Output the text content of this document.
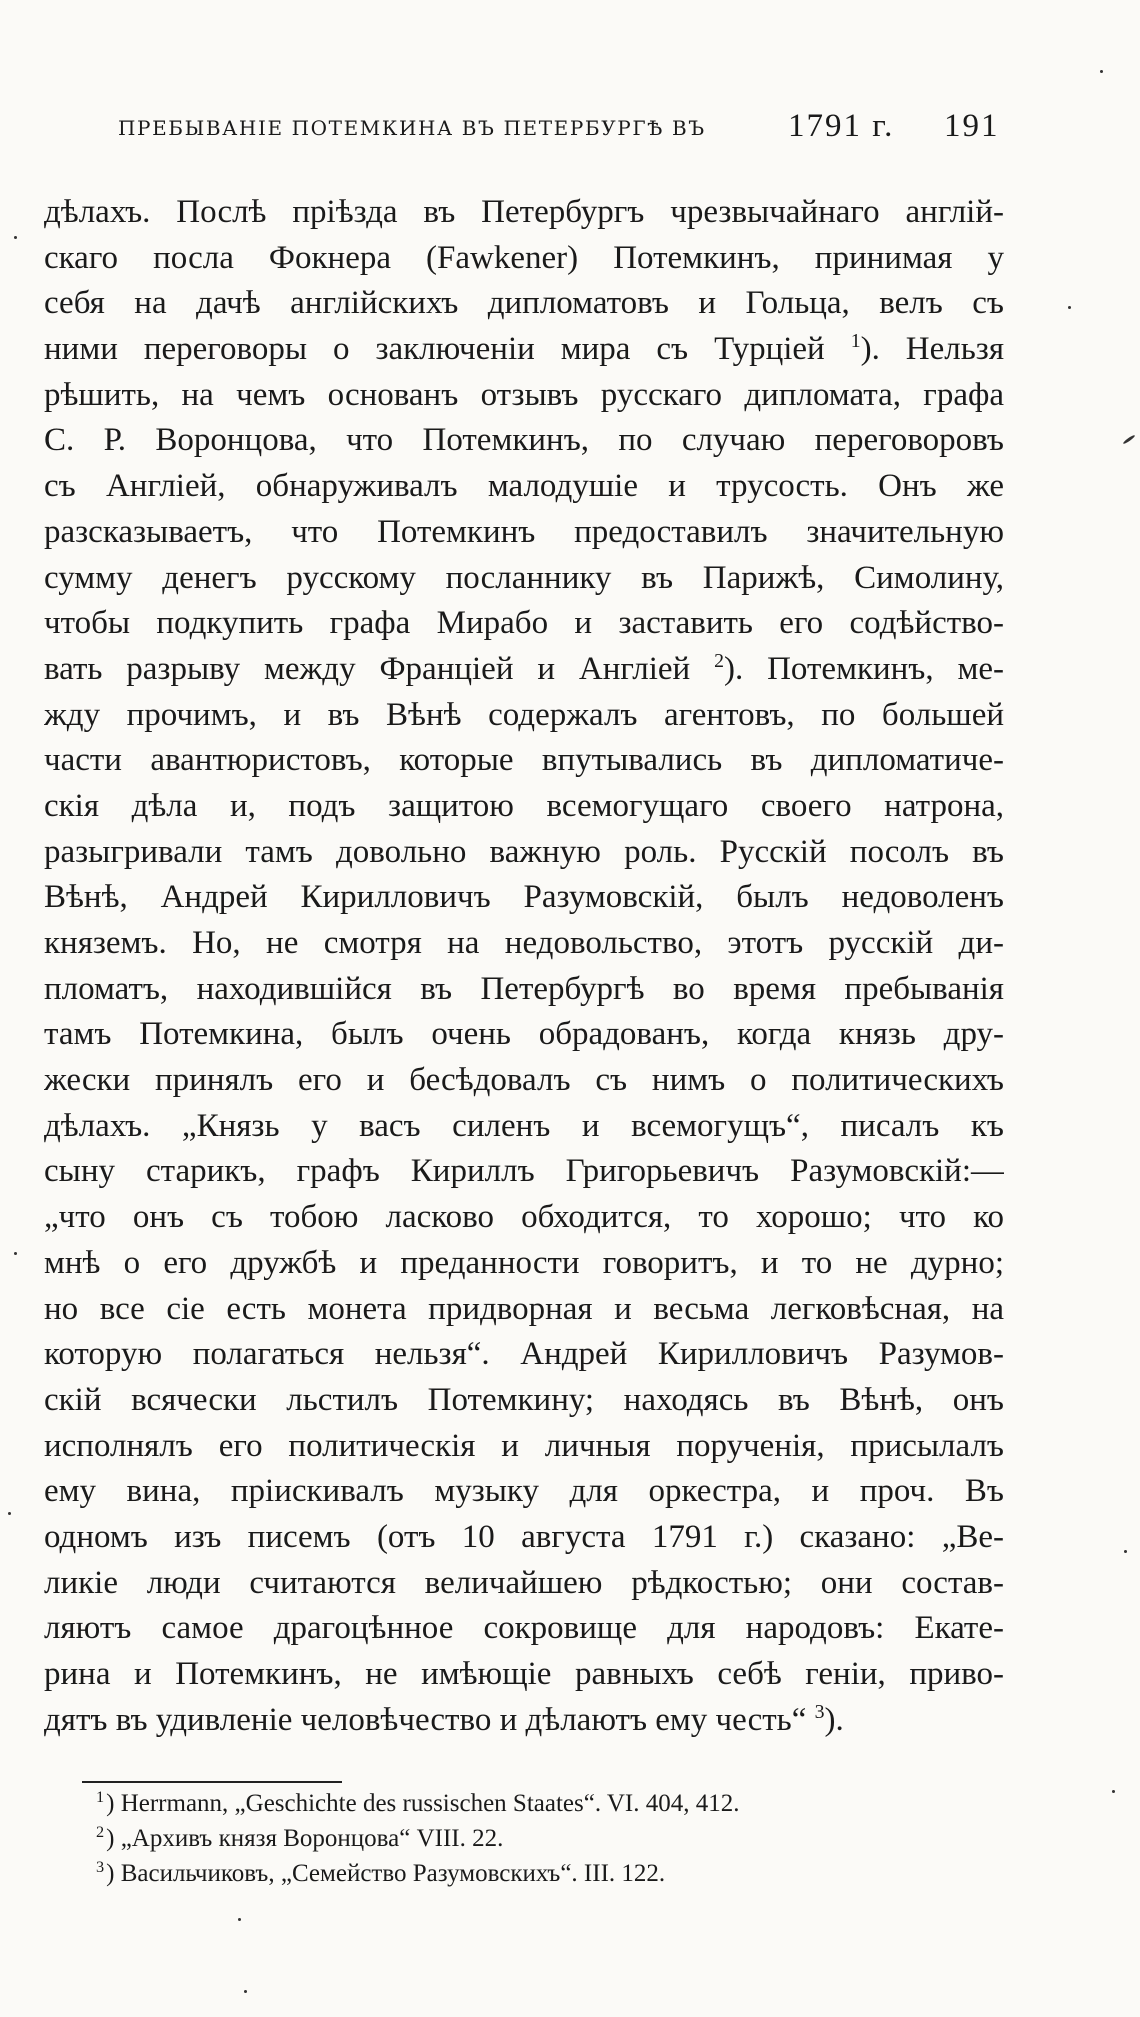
ПРЕБЫВАНІЕ ПОТЕМКИНА ВЪ ПЕТЕРБУРГѢ ВЪ 1791 г. 191
дѣлахъ. Послѣ пріѣзда въ Петербургъ чрезвычайнаго англій-
скаго посла Фокнера (Fawkener) Потемкинъ, принимая у
себя на дачѣ англійскихъ дипломатовъ и Гольца, велъ съ
ними переговоры о заключеніи мира съ Турціей $^1$). Нельзя
рѣшить, на чемъ основанъ отзывъ русскаго дипломата, графа
С. Р. Воронцова, что Потемкинъ, по случаю переговоровъ
съ Англіей, обнаруживалъ малодушіе и трусость. Онъ же
разсказываетъ, что Потемкинъ предоставилъ значительную
сумму денегъ русскому посланнику въ Парижѣ, Симолину,
чтобы подкупить графа Мирабо и заставить его содѣйство-
вать разрыву между Франціей и Англіей $^2$). Потемкинъ, ме-
жду прочимъ, и въ Вѣнѣ содержалъ агентовъ, по большей
части авантюристовъ, которые впутывались въ дипломатиче-
скія дѣла и, подъ защитою всемогущаго своего натрона,
разыгривали тамъ довольно важную роль. Русскій посолъ въ
Вѣнѣ, Андрей Кирилловичъ Разумовскій, былъ недоволенъ
княземъ. Но, не смотря на недовольство, этотъ русскій ди-
пломатъ, находившійся въ Петербургѣ во время пребыванія
тамъ Потемкина, былъ очень обрадованъ, когда князь дру-
жески принялъ его и бесѣдовалъ съ нимъ о политическихъ
дѣлахъ. „Князь у васъ силенъ и всемогущъ“, писалъ къ
сыну старикъ, графъ Кириллъ Григорьевичъ Разумовскій:—
„что онъ съ тобою ласково обходится, то хорошо; что ко
мнѣ о его дружбѣ и преданности говоритъ, и то не дурно;
но все сіе есть монета придворная и весьма легковѣсная, на
которую полагаться нельзя“. Андрей Кирилловичъ Разумов-
скій всячески льстилъ Потемкину; находясь въ Вѣнѣ, онъ
исполнялъ его политическія и личныя порученія, присылалъ
ему вина, пріискивалъ музыку для оркестра, и проч. Въ
одномъ изъ писемъ (отъ 10 августа 1791 г.) сказано: „Ве-
ликіе люди считаются величайшею рѣдкостью; они состав-
ляютъ самое драгоцѣнное сокровище для народовъ: Екате-
рина и Потемкинъ, не имѣющіе равныхъ себѣ геніи, приво-
дятъ въ удивленіе человѣчество и дѣлаютъ ему честь“ $^3$).
$^1$) Herrmann, „Geschichte des russischen Staates“. VI. 404, 412.
$^2$) „Архивъ князя Воронцова“ VIII. 22.
$^3$) Васильчиковъ, „Семейство Разумовскихъ“. III. 122.
